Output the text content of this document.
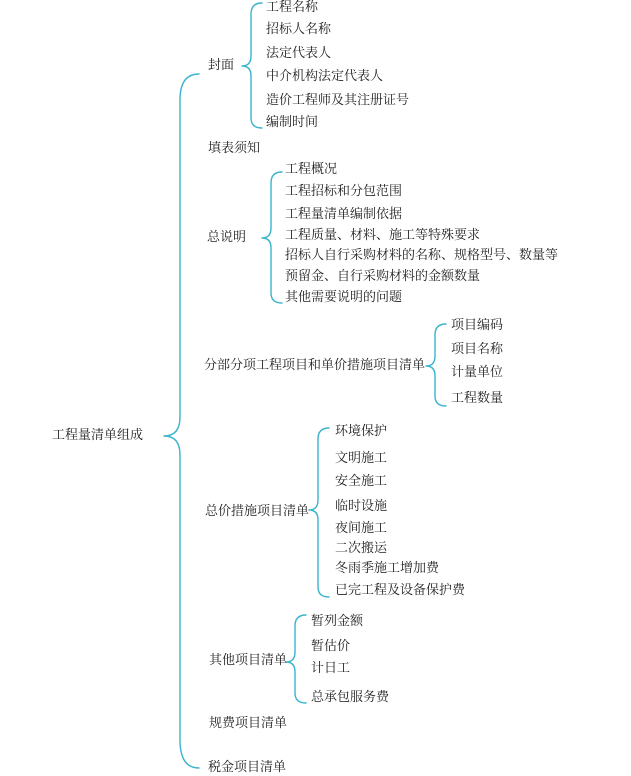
工程量清单组成
封面
填表须知
总说明
分部分项工程项目和单价措施项目清单
总价措施项目清单
其他项目清单
规费项目清单
税金项目清单
工程名称
招标人名称
法定代表人
中介机构法定代表人
造价工程师及其注册证号
编制时间
工程概况
工程招标和分包范围
工程量清单编制依据
工程质量、材料、施工等特殊要求
招标人自行采购材料的名称、规格型号、数量等
预留金、自行采购材料的金额数量
其他需要说明的问题
项目编码
项目名称
计量单位
工程数量
环境保护
文明施工
安全施工
临时设施
夜间施工
二次搬运
冬雨季施工增加费
已完工程及设备保护费
暂列金额
暂估价
计日工
总承包服务费
